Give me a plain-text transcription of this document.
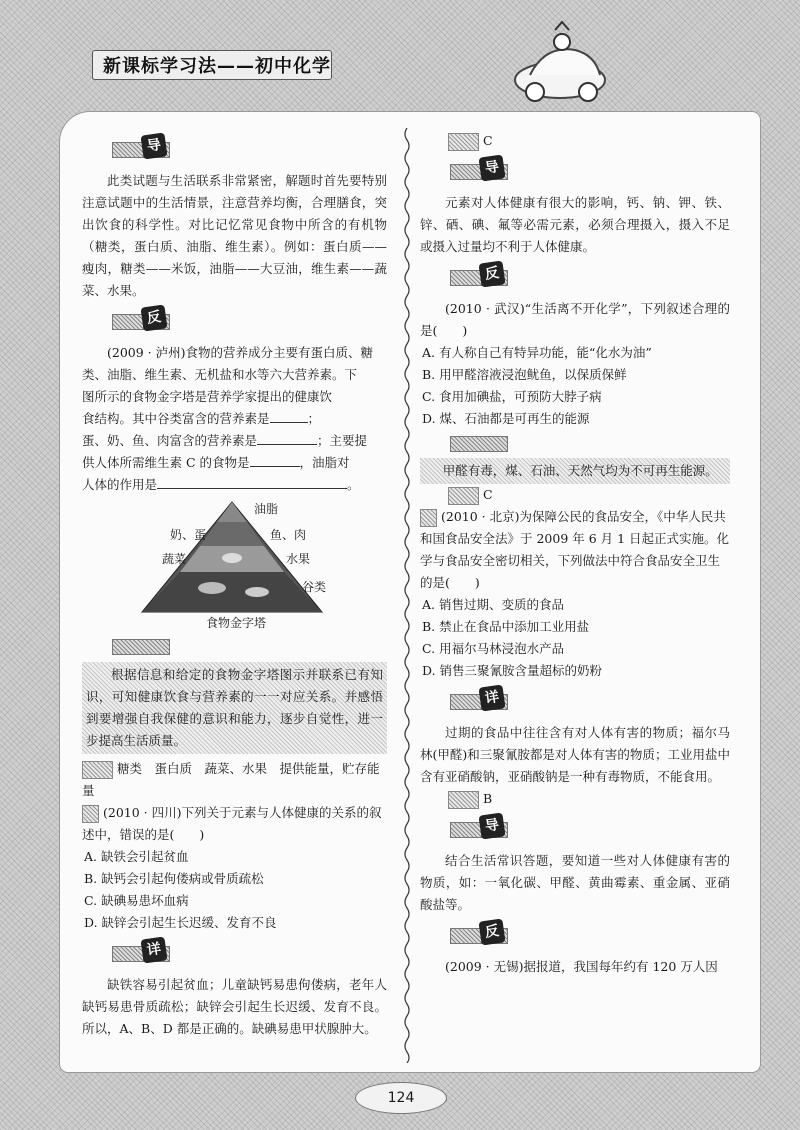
新课标学习法——初中化学
导

此类试题与生活联系非常紧密，解题时首先要特别注意试题中的生活情景，注意营养均衡，合理膳食，突出饮食的科学性。对比记忆常见食物中所含的有机物（糖类，蛋白质、油脂、维生素）。例如：蛋白质——瘦肉，糖类——米饭，油脂——大豆油，维生素——蔬菜、水果。

反

(2009 · 泸州)食物的营养成分主要有蛋白质、糖

类、油脂、维生素、无机盐和水等六大营养素。下

图所示的食物金字塔是营养学家提出的健康饮

食结构。其中谷类富含的营养素是	；

蛋、奶、鱼、肉富含的营养素是	；主要提

供人体所需维生素 C 的食物是	，油脂对

人体的作用是	。

油脂
奶、蛋	鱼、肉
蔬菜	水果
谷类
食物金字塔

根据信息和给定的食物金字塔图示并联系已有知识，可知健康饮食与营养素的一一对应关系。并感悟到要增强自我保健的意识和能力，逐步自觉性，进一步提高生活质量。

糖类　蛋白质　蔬菜、水果　提供能量，贮存能量

(2010 · 四川)下列关于元素与人体健康的关系的叙述中，错误的是(　　)

A. 缺铁会引起贫血

B. 缺钙会引起佝偻病或骨质疏松

C. 缺碘易患坏血病

D. 缺锌会引起生长迟缓、发育不良

详

缺铁容易引起贫血；儿童缺钙易患佝偻病，老年人缺钙易患骨质疏松；缺锌会引起生长迟缓、发育不良。所以，A、B、D 都是正确的。缺碘易患甲状腺肿大。

C

导

元素对人体健康有很大的影响，钙、钠、钾、铁、锌、硒、碘、氟等必需元素，必须合理摄入，摄入不足或摄入过量均不利于人体健康。

反

(2010 · 武汉)“生活离不开化学”，下列叙述合理的是(　　)

A. 有人称自己有特异功能，能“化水为油”

B. 用甲醛溶液浸泡鱿鱼，以保质保鲜

C. 食用加碘盐，可预防大脖子病

D. 煤、石油都是可再生的能源

甲醛有毒，煤、石油、天然气均为不可再生能源。

C

(2010 · 北京)为保障公民的食品安全，《中华人民共和国食品安全法》于 2009 年 6 月 1 日起正式实施。化学与食品安全密切相关，下列做法中符合食品安全卫生的是(　　)

A. 销售过期、变质的食品

B. 禁止在食品中添加工业用盐

C. 用福尔马林浸泡水产品

D. 销售三聚氰胺含量超标的奶粉

详

过期的食品中往往含有对人体有害的物质；福尔马林(甲醛)和三聚氰胺都是对人体有害的物质；工业用盐中含有亚硝酸钠，亚硝酸钠是一种有毒物质，不能食用。

B

导

结合生活常识答题，要知道一些对人体健康有害的物质，如：一氧化碳、甲醛、黄曲霉素、重金属、亚硝酸盐等。

反

(2009 · 无锡)据报道，我国每年约有 120 万人因

124
